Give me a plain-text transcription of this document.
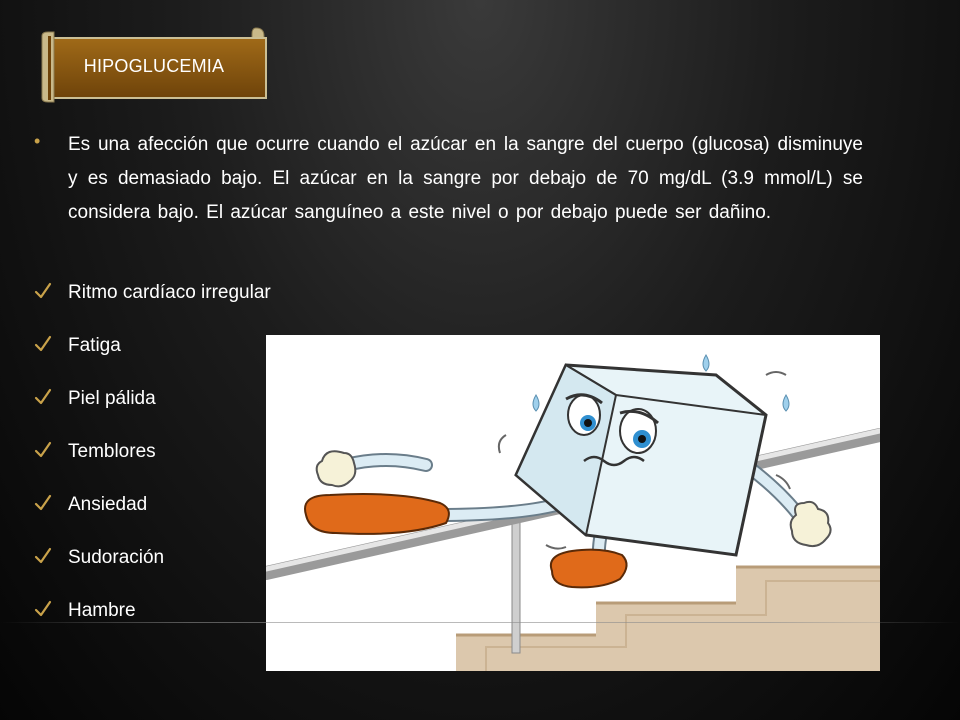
HIPOGLUCEMIA
• Es una afección que ocurre cuando el azúcar en la sangre del cuerpo (glucosa) disminuye y es demasiado bajo. El azúcar en la sangre por debajo de 70 mg/dL (3.9 mmol/L) se considera bajo. El azúcar sanguíneo a este nivel o por debajo puede ser dañino.
Ritmo cardíaco irregular
Fatiga
Piel pálida
Temblores
Ansiedad
Sudoración
Hambre
